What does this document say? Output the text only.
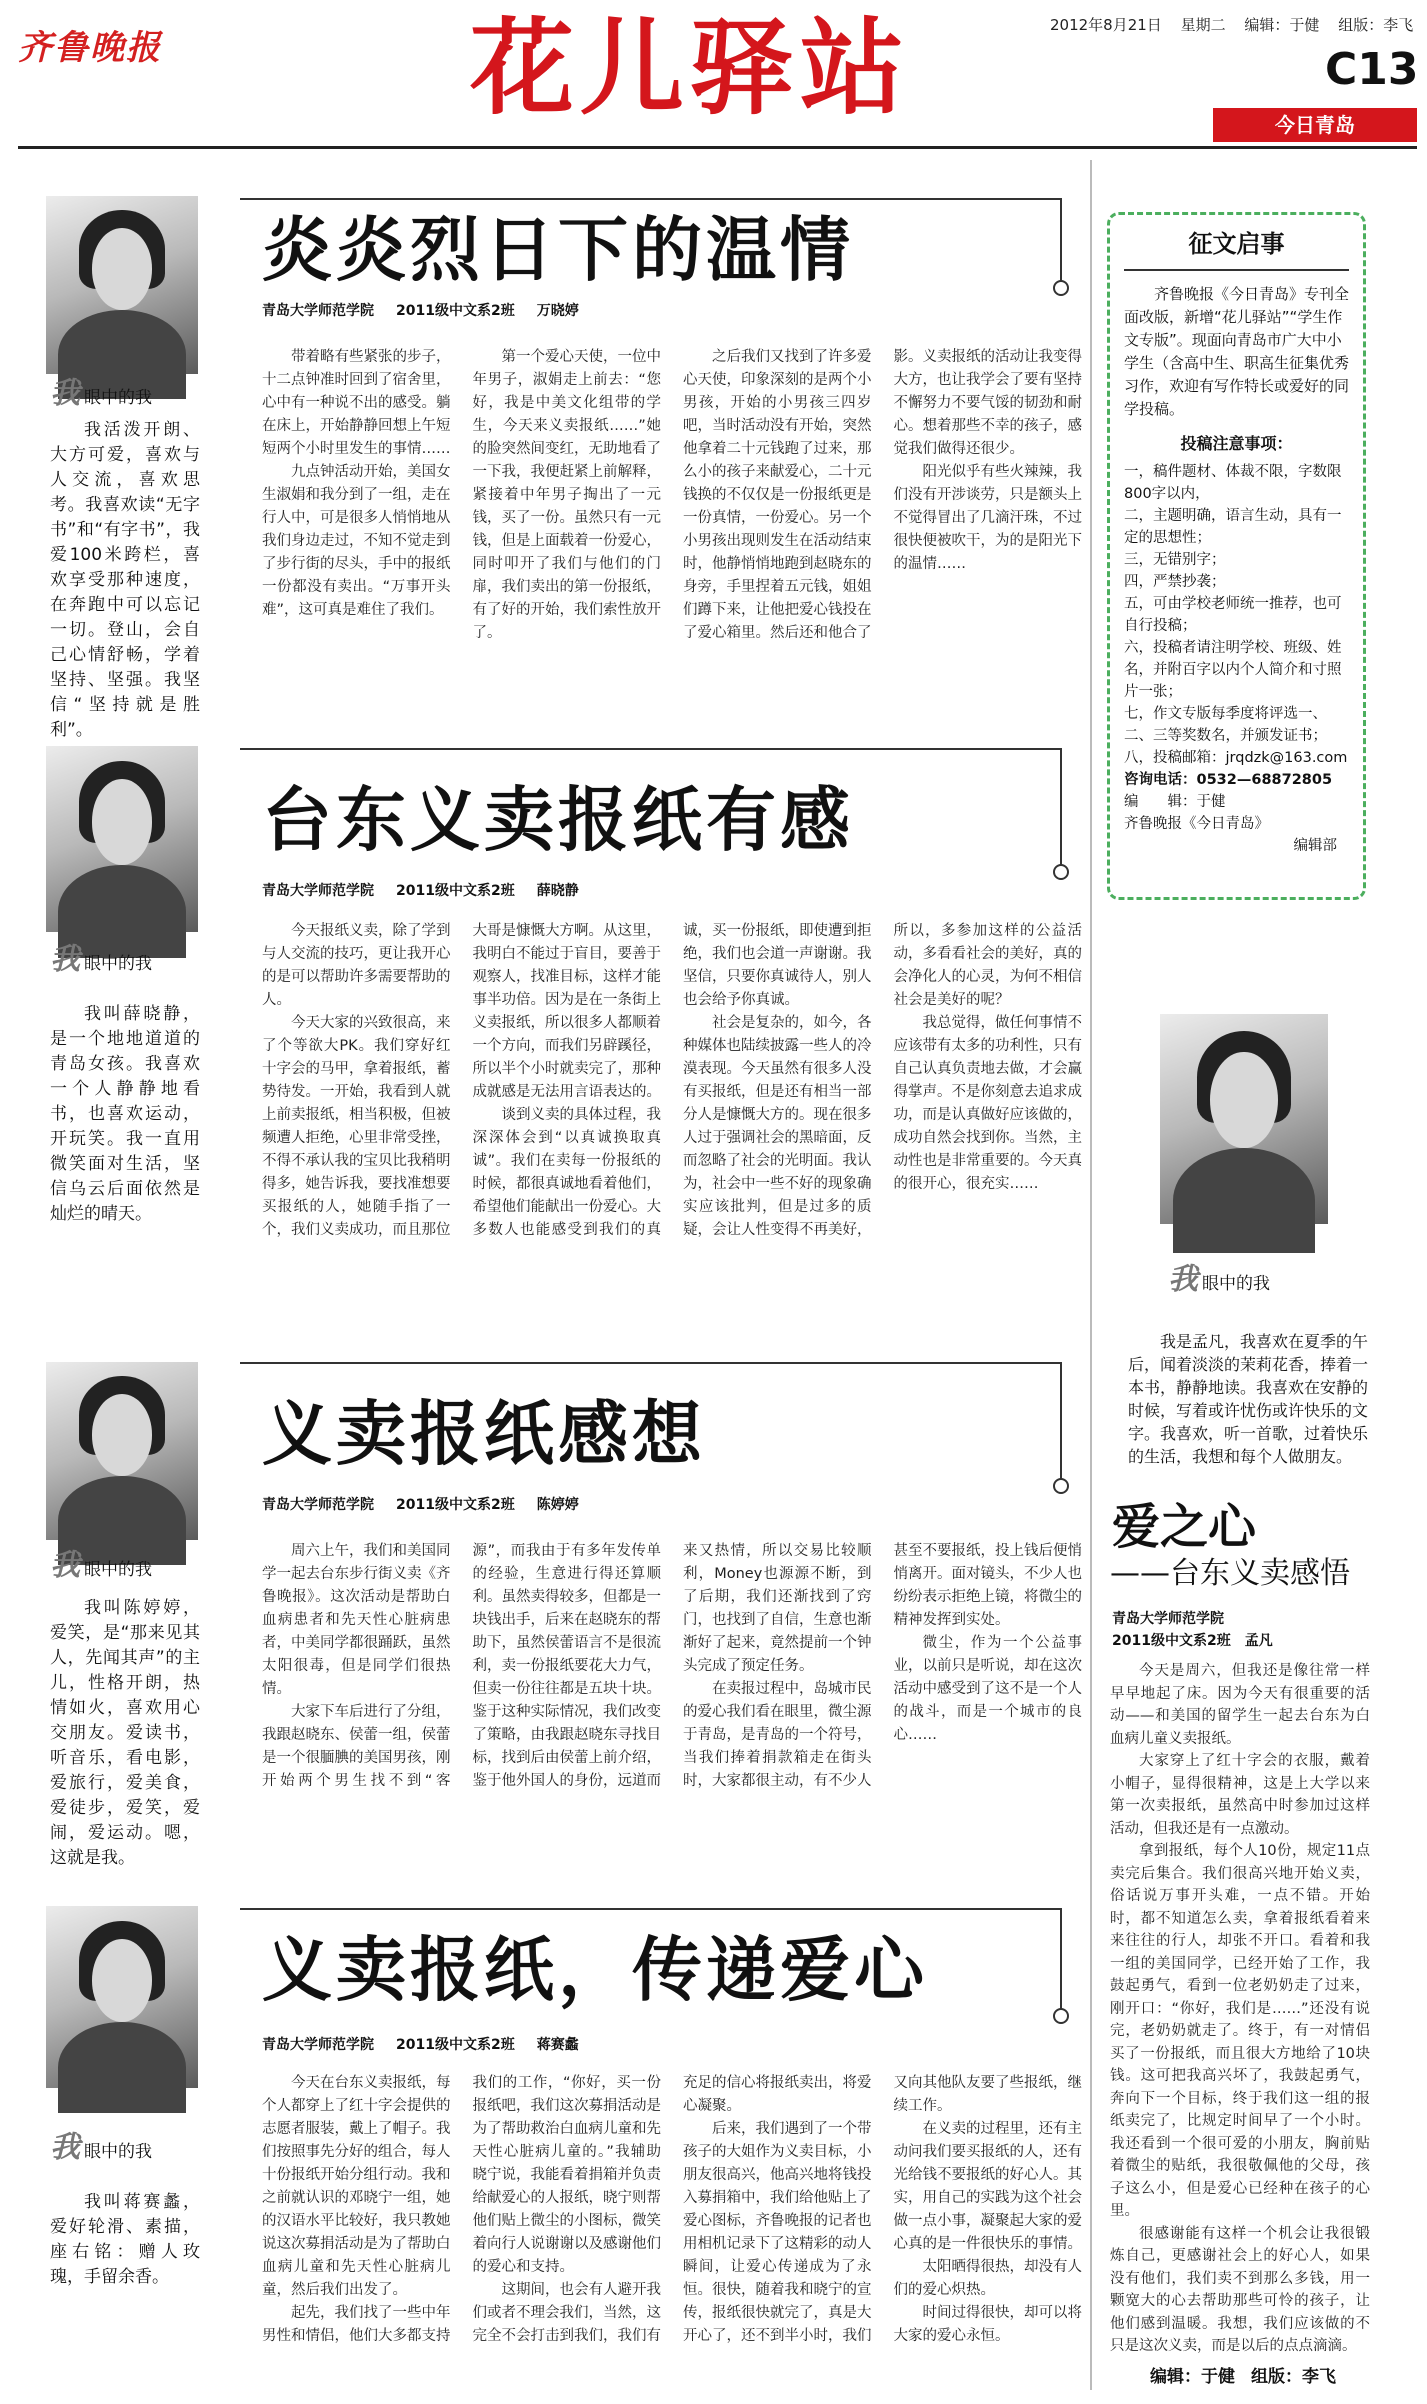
齐鲁晚报	花儿驿站	2012年8月21日 星期二 编辑：于健 组版：李飞
C13
今日青岛
我眼中的我

我活泼开朗、大方可爱，喜欢与人交流，喜欢思考。我喜欢读“无字书”和“有字书”，我爱100米跨栏，喜欢享受那种速度，在奔跑中可以忘记一切。登山，会自己心情舒畅，学着坚持、坚强。我坚信“坚持就是胜利”。

炎炎烈日下的温情
青岛大学师范学院 2011级中文系2班 万晓婷

带着略有些紧张的步子，十二点钟准时回到了宿舍里，心中有一种说不出的感受。躺在床上，开始静静回想上午短短两个小时里发生的事情……

九点钟活动开始，美国女生淑娟和我分到了一组，走在行人中，可是很多人悄悄地从我们身边走过，不知不觉走到了步行街的尽头，手中的报纸一份都没有卖出。“万事开头难”，这可真是难住了我们。

第一个爱心天使，一位中年男子，淑娟走上前去：“您好，我是中美文化组带的学生，今天来义卖报纸……”她的脸突然间变红，无助地看了一下我，我便赶紧上前解释，紧接着中年男子掏出了一元钱，买了一份。虽然只有一元钱，但是上面载着一份爱心，同时叩开了我们与他们的门扉，我们卖出的第一份报纸，有了好的开始，我们索性放开了。

之后我们又找到了许多爱心天使，印象深刻的是两个小男孩，开始的小男孩三四岁吧，当时活动没有开始，突然他拿着二十元钱跑了过来，那么小的孩子来献爱心，二十元钱换的不仅仅是一份报纸更是一份真情，一份爱心。另一个小男孩出现则发生在活动结束时，他静悄悄地跑到赵晓东的身旁，手里捏着五元钱，姐姐们蹲下来，让他把爱心钱投在了爱心箱里。然后还和他合了影。义卖报纸的活动让我变得大方，也让我学会了要有坚持不懈努力不要气馁的韧劲和耐心。想着那些不幸的孩子，感觉我们做得还很少。

阳光似乎有些火辣辣，我们没有开涉谈劳，只是额头上不觉得冒出了几滴汗珠，不过很快便被吹干，为的是阳光下的温情……

我眼中的我

我叫薛晓静，是一个地地道道的青岛女孩。我喜欢一个人静静地看书，也喜欢运动，开玩笑。我一直用微笑面对生活，坚信乌云后面依然是灿烂的晴天。

台东义卖报纸有感
青岛大学师范学院 2011级中文系2班 薛晓静

今天报纸义卖，除了学到与人交流的技巧，更让我开心的是可以帮助许多需要帮助的人。

今天大家的兴致很高，来了个等欲大PK。我们穿好红十字会的马甲，拿着报纸，蓄势待发。一开始，我看到人就上前卖报纸，相当积极，但被频遭人拒绝，心里非常受挫，不得不承认我的宝贝比我稍明得多，她告诉我，要找准想要买报纸的人，她随手指了一个，我们义卖成功，而且那位大哥是慷慨大方啊。从这里，我明白不能过于盲目，要善于观察人，找准目标，这样才能事半功倍。因为是在一条街上义卖报纸，所以很多人都顺着一个方向，而我们另辟蹊径，所以半个小时就卖完了，那种成就感是无法用言语表达的。

谈到义卖的具体过程，我深深体会到“以真诚换取真诚”。我们在卖每一份报纸的时候，都很真诚地看着他们，希望他们能献出一份爱心。大多数人也能感受到我们的真诚，买一份报纸，即使遭到拒绝，我们也会道一声谢谢。我坚信，只要你真诚待人，别人也会给予你真诚。

社会是复杂的，如今，各种媒体也陆续披露一些人的冷漠表现。今天虽然有很多人没有买报纸，但是还有相当一部分人是慷慨大方的。现在很多人过于强调社会的黑暗面，反而忽略了社会的光明面。我认为，社会中一些不好的现象确实应该批判，但是过多的质疑，会让人性变得不再美好，所以，多参加这样的公益活动，多看看社会的美好，真的会净化人的心灵，为何不相信社会是美好的呢？

我总觉得，做任何事情不应该带有太多的功利性，只有自己认真负责地去做，才会赢得掌声。不是你刻意去追求成功，而是认真做好应该做的，成功自然会找到你。当然，主动性也是非常重要的。今天真的很开心，很充实……

我眼中的我

我叫陈婷婷，爱笑，是“那来见其人，先闻其声”的主儿，性格开朗，热情如火，喜欢用心交朋友。爱读书，听音乐，看电影，爱旅行，爱美食，爱徒步，爱笑，爱闹，爱运动。嗯，这就是我。

义卖报纸感想
青岛大学师范学院 2011级中文系2班 陈婷婷

周六上午，我们和美国同学一起去台东步行街义卖《齐鲁晚报》。这次活动是帮助白血病患者和先天性心脏病患者，中美同学都很踊跃，虽然太阳很毒，但是同学们很热情。

大家下车后进行了分组，我跟赵晓东、侯蕾一组，侯蕾是一个很腼腆的美国男孩，刚开始两个男生找不到“客源”，而我由于有多年发传单的经验，生意进行得还算顺利。虽然卖得较多，但都是一块钱出手，后来在赵晓东的帮助下，虽然侯蕾语言不是很流利，卖一份报纸要花大力气，但卖一份往往都是五块十块。鉴于这种实际情况，我们改变了策略，由我跟赵晓东寻找目标，找到后由侯蕾上前介绍，鉴于他外国人的身份，远道而来又热情，所以交易比较顺利，Money也源源不断，到了后期，我们还渐找到了窍门，也找到了自信，生意也渐渐好了起来，竟然提前一个钟头完成了预定任务。

在卖报过程中，岛城市民的爱心我们看在眼里，微尘源于青岛，是青岛的一个符号，当我们捧着捐款箱走在街头时，大家都很主动，有不少人甚至不要报纸，投上钱后便悄悄离开。面对镜头，不少人也纷纷表示拒绝上镜，将微尘的精神发挥到实处。

微尘，作为一个公益事业，以前只是听说，却在这次活动中感受到了这不是一个人的战斗，而是一个城市的良心……

我眼中的我

我叫蒋赛蠡，爱好轮滑、素描，座右铭：赠人玫瑰，手留余香。

义卖报纸，传递爱心
青岛大学师范学院 2011级中文系2班 蒋赛蠡

今天在台东义卖报纸，每个人都穿上了红十字会提供的志愿者服装，戴上了帽子。我们按照事先分好的组合，每人十份报纸开始分组行动。我和之前就认识的邓晓宁一组，她的汉语水平比较好，我只教她说这次募捐活动是为了帮助白血病儿童和先天性心脏病儿童，然后我们出发了。

起先，我们找了一些中年男性和情侣，他们大多都支持我们的工作，“你好，买一份报纸吧，我们这次募捐活动是为了帮助救治白血病儿童和先天性心脏病儿童的。”我辅助晓宁说，我能看着捐箱并负责给献爱心的人报纸，晓宁则帮他们贴上微尘的小图标，微笑着向行人说谢谢以及感谢他们的爱心和支持。

这期间，也会有人避开我们或者不理会我们，当然，这完全不会打击到我们，我们有充足的信心将报纸卖出，将爱心凝聚。

后来，我们遇到了一个带孩子的大姐作为义卖目标，小朋友很高兴，他高兴地将钱投入募捐箱中，我们给他贴上了爱心图标，齐鲁晚报的记者也用相机记录下了这精彩的动人瞬间，让爱心传递成为了永恒。很快，随着我和晓宁的宣传，报纸很快就完了，真是大开心了，还不到半小时，我们又向其他队友要了些报纸，继续工作。

在义卖的过程里，还有主动问我们要买报纸的人，还有光给钱不要报纸的好心人。其实，用自己的实践为这个社会做一点小事，凝聚起大家的爱心真的是一件很快乐的事情。

太阳晒得很热，却没有人们的爱心炽热。

时间过得很快，却可以将大家的爱心永恒。

征文启事

齐鲁晚报《今日青岛》专刊全面改版，新增“花儿驿站”“学生作文专版”。现面向青岛市广大中小学生（含高中生、职高生征集优秀习作，欢迎有写作特长或爱好的同学投稿。

投稿注意事项：

一，稿件题材、体裁不限，字数限800字以内，

二，主题明确，语言生动，具有一定的思想性；

三，无错别字；

四，严禁抄袭；

五，可由学校老师统一推荐，也可自行投稿；

六，投稿者请注明学校、班级、姓名，并附百字以内个人简介和寸照片一张；

七，作文专版每季度将评选一、二、三等奖数名，并颁发证书；

八，投稿邮箱：jrqdzk@163.com

咨询电话：0532—68872805

编　　辑：于健

齐鲁晚报《今日青岛》

编辑部

我眼中的我

我是孟凡，我喜欢在夏季的午后，闻着淡淡的茉莉花香，捧着一本书，静静地读。我喜欢在安静的时候，写着或许忧伤或许快乐的文字。我喜欢，听一首歌，过着快乐的生活，我想和每个人做朋友。

爱之心
——台东义卖感悟
青岛大学师范学院
2011级中文系2班　 孟凡

今天是周六，但我还是像往常一样早早地起了床。因为今天有很重要的活动——和美国的留学生一起去台东为白血病儿童义卖报纸。

大家穿上了红十字会的衣服，戴着小帽子，显得很精神，这是上大学以来第一次卖报纸，虽然高中时参加过这样活动，但我还是有一点激动。

拿到报纸，每个人10份，规定11点卖完后集合。我们很高兴地开始义卖，俗话说万事开头难，一点不错。开始时，都不知道怎么卖，拿着报纸看着来来往往的行人，却张不开口。看着和我一组的美国同学，已经开始了工作，我鼓起勇气，看到一位老奶奶走了过来，刚开口：“你好，我们是……”还没有说完，老奶奶就走了。终于，有一对情侣买了一份报纸，而且很大方地给了10块钱。这可把我高兴坏了，我鼓起勇气，奔向下一个目标，终于我们这一组的报纸卖完了，比规定时间早了一个小时。我还看到一个很可爱的小朋友，胸前贴着微尘的贴纸，我很敬佩他的父母，孩子这么小，但是爱心已经种在孩子的心里。

很感谢能有这样一个机会让我很锻炼自己，更感谢社会上的好心人，如果没有他们，我们卖不到那么多钱，用一颗宽大的心去帮助那些可怜的孩子，让他们感到温暖。我想，我们应该做的不只是这次义卖，而是以后的点点滴滴。

编辑：于健 组版：李飞
